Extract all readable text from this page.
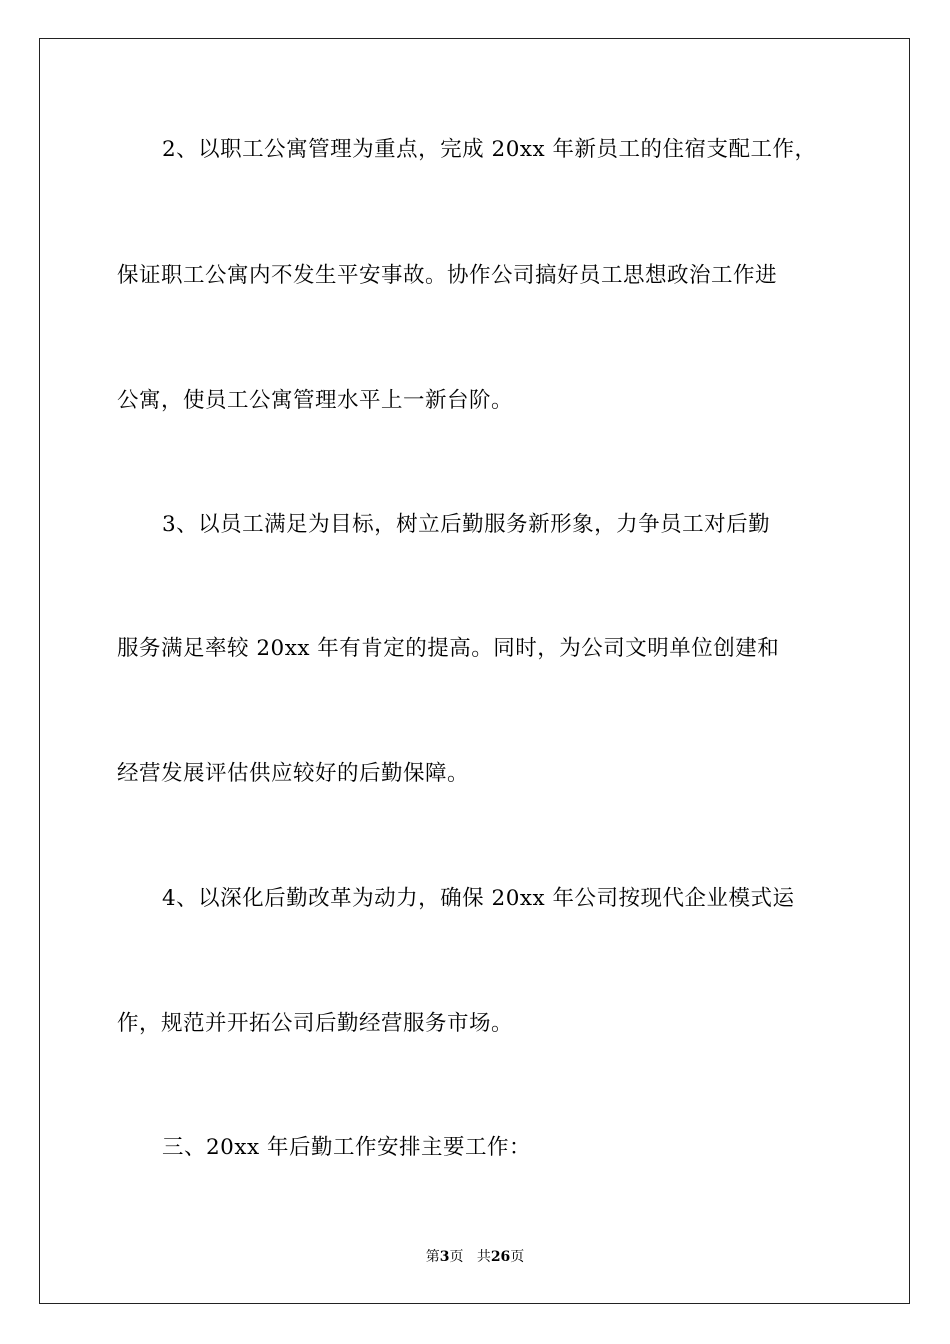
2、以职工公寓管理为重点，完成 20xx 年新员工的住宿支配工作，
保证职工公寓内不发生平安事故。协作公司搞好员工思想政治工作进
公寓，使员工公寓管理水平上一新台阶。
3、以员工满足为目标，树立后勤服务新形象，力争员工对后勤
服务满足率较 20xx 年有肯定的提高。同时，为公司文明单位创建和
经营发展评估供应较好的后勤保障。
4、以深化后勤改革为动力，确保 20xx 年公司按现代企业模式运
作，规范并开拓公司后勤经营服务市场。
三、20xx 年后勤工作安排主要工作：
第3页 共26页
